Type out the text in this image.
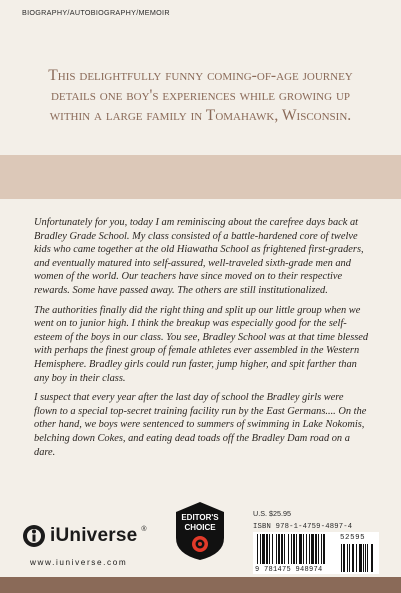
BIOGRAPHY/AUTOBIOGRAPHY/MEMOIR
This delightfully funny coming-of-age journey details one boy's experiences while growing up within a large family in Tomahawk, Wisconsin.

Unfortunately for you, today I am reminiscing about the carefree days back at Bradley Grade School. My class consisted of a battle-hardened core of twelve kids who came together at the old Hiawatha School as frightened first-graders, and eventually matured into self-assured, well-traveled sixth-grade men and women of the world. Our teachers have since moved on to their respective rewards. Some have passed away. The others are still institutionalized.

The authorities finally did the right thing and split up our little group when we went on to junior high. I think the breakup was especially good for the self-esteem of the boys in our class. You see, Bradley School was at that time blessed with perhaps the finest group of female athletes ever assembled in the Western Hemisphere. Bradley girls could run faster, jump higher, and spit farther than any boy in their class.

I suspect that every year after the last day of school the Bradley girls were flown to a special top-secret training facility run by the East Germans.... On the other hand, we boys were sentenced to summers of swimming in Lake Nokomis, belching down Cokes, and eating dead toads off the Bradley Dam road on a dare.

iUniverse ®
www.iuniverse.com
EDITOR'S
CHOICE
U.S. $25.95
ISBN 978-1-4759-4897-4
52595
9 781475 948974
